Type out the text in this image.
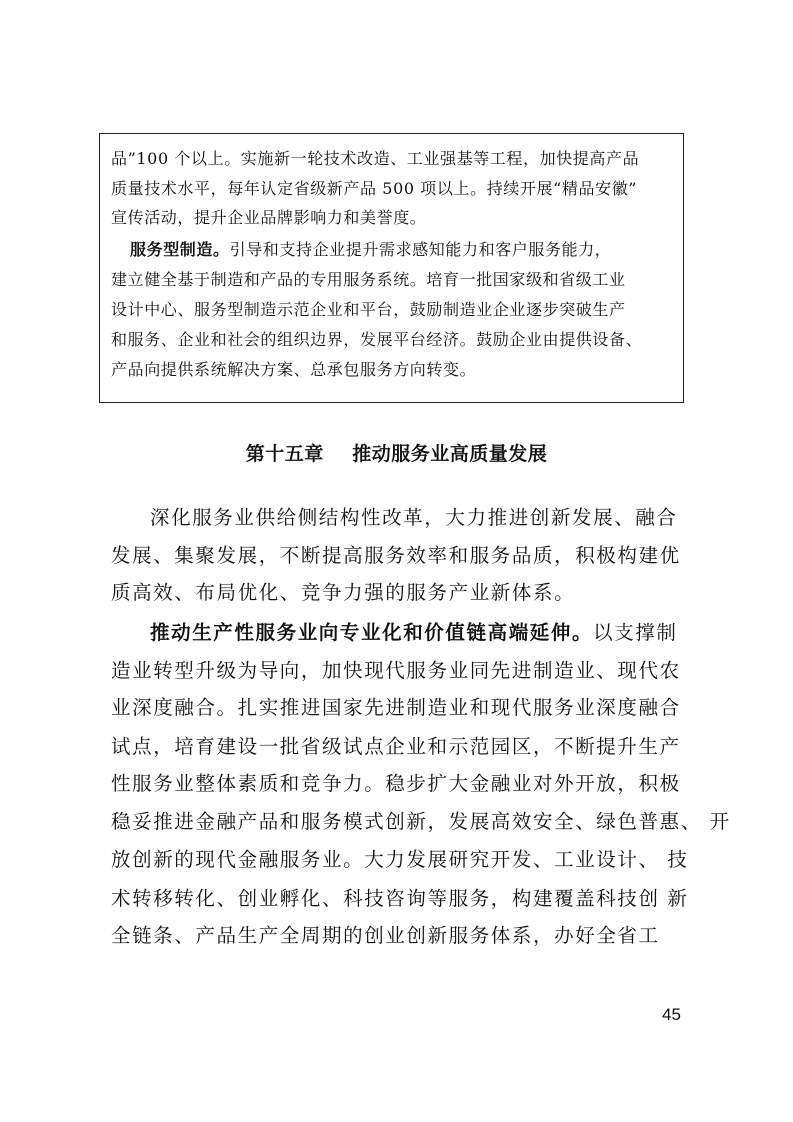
品”100 个以上。实施新一轮技术改造、工业强基等工程，加快提高产品
质量技术水平，每年认定省级新产品 500 项以上。持续开展“精品安徽”
宣传活动，提升企业品牌影响力和美誉度。
服务型制造。引导和支持企业提升需求感知能力和客户服务能力，
建立健全基于制造和产品的专用服务系统。培育一批国家级和省级工业
设计中心、服务型制造示范企业和平台，鼓励制造业企业逐步突破生产
和服务、企业和社会的组织边界，发展平台经济。鼓励企业由提供设备、
产品向提供系统解决方案、总承包服务方向转变。
第十五章    推动服务业高质量发展
深化服务业供给侧结构性改革，大力推进创新发展、融合
发展、集聚发展，不断提高服务效率和服务品质，积极构建优
质高效、布局优化、竞争力强的服务产业新体系。
推动生产性服务业向专业化和价值链高端延伸。以支撑制
造业转型升级为导向，加快现代服务业同先进制造业、现代农
业深度融合。扎实推进国家先进制造业和现代服务业深度融合
试点，培育建设一批省级试点企业和示范园区，不断提升生产
性服务业整体素质和竞争力。稳步扩大金融业对外开放，积极
稳妥推进金融产品和服务模式创新，发展高效安全、绿色普惠、 开
放创新的现代金融服务业。大力发展研究开发、工业设计、 技
术转移转化、创业孵化、科技咨询等服务，构建覆盖科技创 新
全链条、产品生产全周期的创业创新服务体系，办好全省工
45
